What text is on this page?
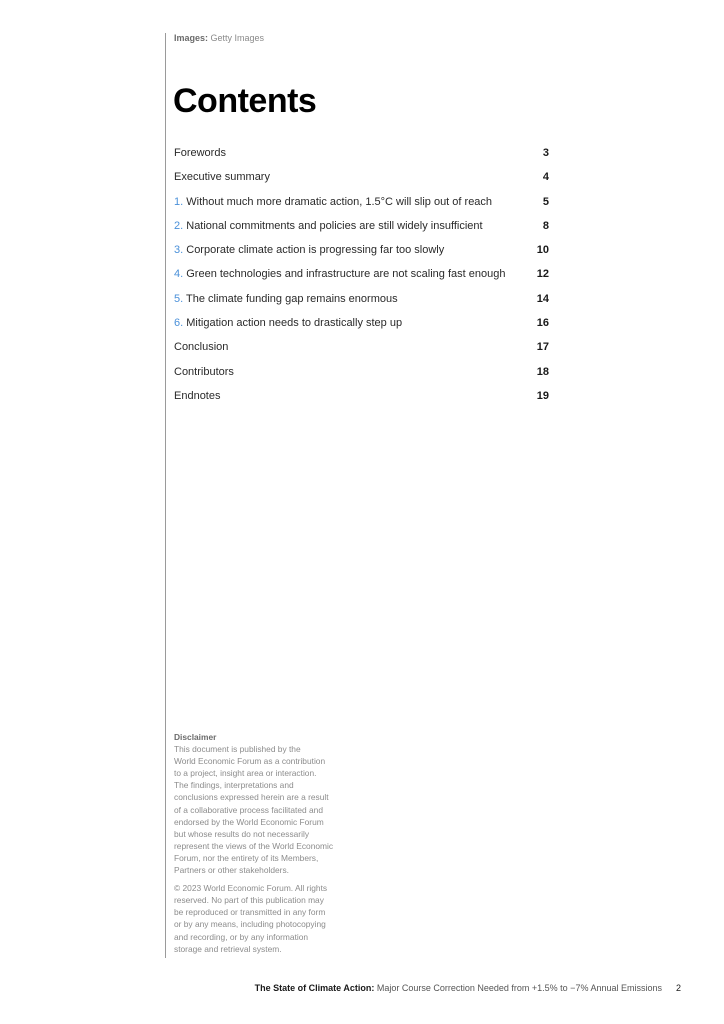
Images: Getty Images
Contents
Forewords	3
Executive summary	4
1. Without much more dramatic action, 1.5°C will slip out of reach	5
2. National commitments and policies are still widely insufficient	8
3. Corporate climate action is progressing far too slowly	10
4. Green technologies and infrastructure are not scaling fast enough	12
5. The climate funding gap remains enormous	14
6. Mitigation action needs to drastically step up	16
Conclusion	17
Contributors	18
Endnotes	19

Disclaimer

This document is published by the
World Economic Forum as a contribution
to a project, insight area or interaction.
The findings, interpretations and
conclusions expressed herein are a result
of a collaborative process facilitated and
endorsed by the World Economic Forum
but whose results do not necessarily
represent the views of the World Economic
Forum, nor the entirety of its Members,
Partners or other stakeholders.
© 2023 World Economic Forum. All rights
reserved. No part of this publication may
be reproduced or transmitted in any form
or by any means, including photocopying
and recording, or by any information
storage and retrieval system.
The State of Climate Action: Major Course Correction Needed from +1.5% to −7% Annual Emissions 2
